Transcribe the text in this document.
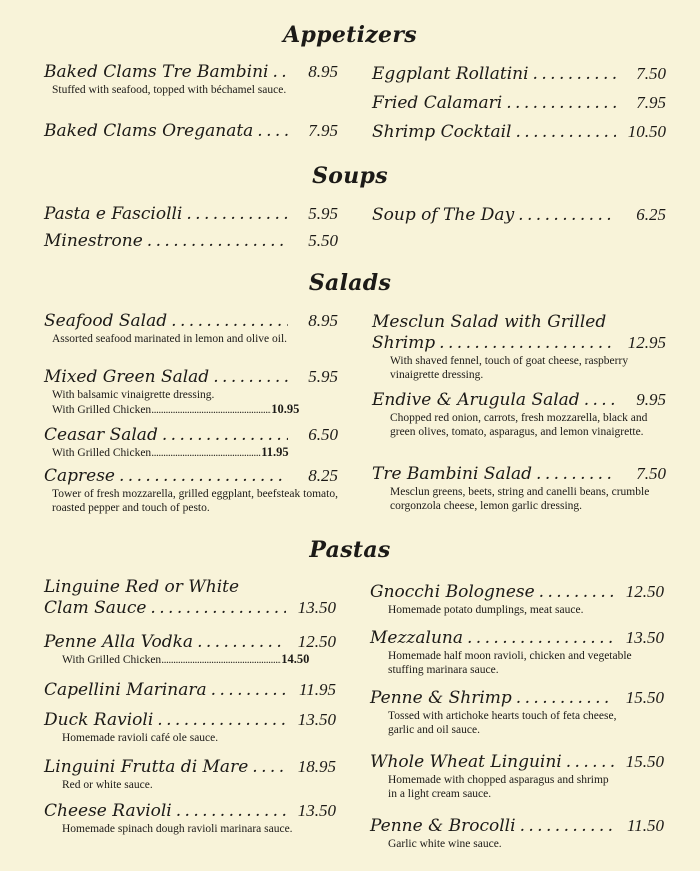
Appetizers
Baked Clams Tre Bambini . . .	8.95
Stuffed with seafood, topped with béchamel sauce.
Baked Clams Oreganata . . .	7.95
Eggplant Rollatini . . .	7.50
Fried Calamari . . .	7.95
Shrimp Cocktail . . .	10.50
Soups
Pasta e Fasciolli . . .	5.95
Minestrone . . .	5.50
Soup of The Day . . .	6.25
Salads
Seafood Salad . . .	8.95
Assorted seafood marinated in lemon and olive oil.
Mixed Green Salad . . .	5.95
With balsamic vinaigrette dressing.
With Grilled Chicken .....	10.95
Ceasar Salad . . .	6.50
With Grilled Chicken .....	11.95
Caprese . . .	8.25
Tower of fresh mozzarella, grilled eggplant, beefsteak tomato, roasted pepper and touch of pesto.
Mesclun Salad with Grilled
Shrimp . . .	12.95
With shaved fennel, touch of goat cheese, raspberry vinaigrette dressing.
Endive & Arugula Salad . . .	9.95
Chopped red onion, carrots, fresh mozzarella, black and green olives, tomato, asparagus, and lemon vinaigrette.
Tre Bambini Salad . . .	7.50
Mesclun greens, beets, string and canelli beans, crumble corgonzola cheese, lemon garlic dressing.
Pastas
Linguine Red or White
Clam Sauce . . .	13.50
Penne Alla Vodka . . .	12.50
With Grilled Chicken .....	14.50
Capellini Marinara . . .	11.95
Duck Ravioli . . .	13.50
Homemade ravioli café ole sauce.
Linguini Frutta di Mare . . .	18.95
Red or white sauce.
Cheese Ravioli . . .	13.50
Homemade spinach dough ravioli marinara sauce.
Gnocchi Bolognese . . .	12.50
Homemade potato dumplings, meat sauce.
Mezzaluna . . .	13.50
Homemade half moon ravioli, chicken and vegetable stuffing marinara sauce.
Penne & Shrimp . . .	15.50
Tossed with artichoke hearts touch of feta cheese, garlic and oil sauce.
Whole Wheat Linguini . . .	15.50
Homemade with chopped asparagus and shrimp in a light cream sauce.
Penne & Brocolli . . .	11.50
Garlic white wine sauce.
